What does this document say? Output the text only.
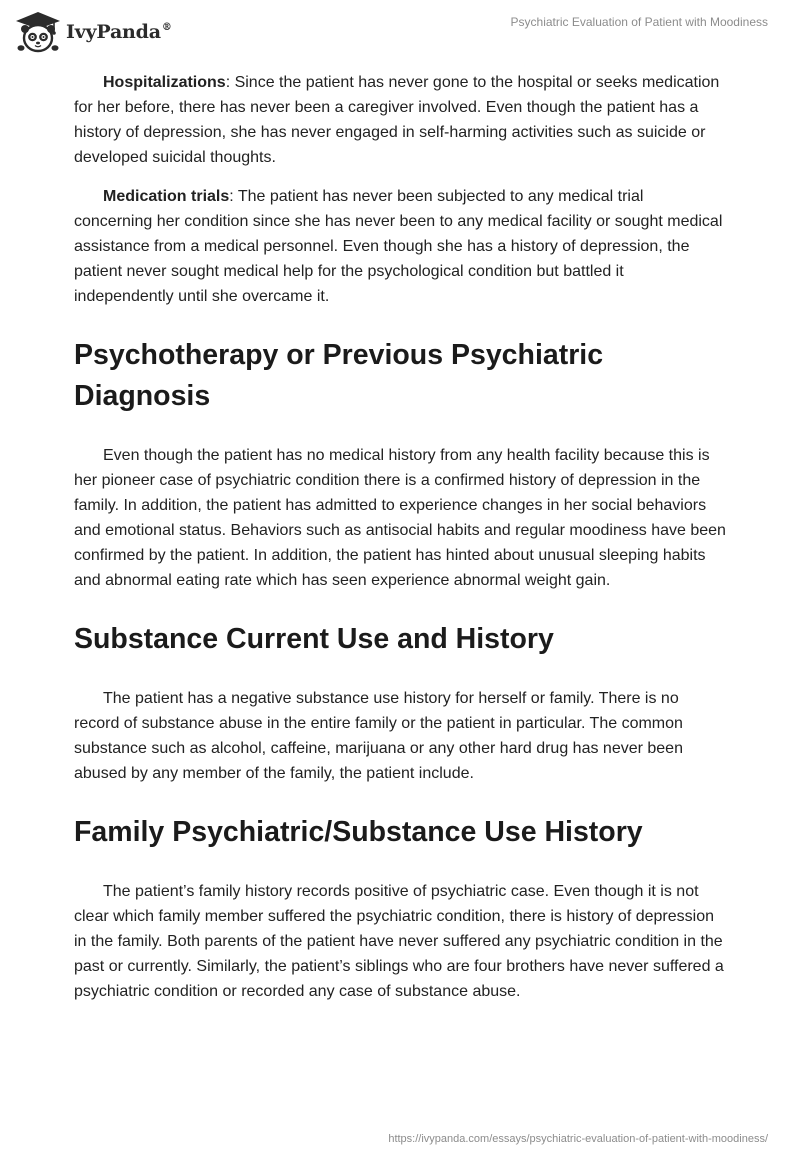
IvyPanda®	Psychiatric Evaluation of Patient with Moodiness

Hospitalizations: Since the patient has never gone to the hospital or seeks medication for her before, there has never been a caregiver involved. Even though the patient has a history of depression, she has never engaged in self-harming activities such as suicide or developed suicidal thoughts.

Medication trials: The patient has never been subjected to any medical trial concerning her condition since she has never been to any medical facility or sought medical assistance from a medical personnel. Even though she has a history of depression, the patient never sought medical help for the psychological condition but battled it independently until she overcame it.

Psychotherapy or Previous Psychiatric Diagnosis

Even though the patient has no medical history from any health facility because this is her pioneer case of psychiatric condition there is a confirmed history of depression in the family. In addition, the patient has admitted to experience changes in her social behaviors and emotional status. Behaviors such as antisocial habits and regular moodiness have been confirmed by the patient. In addition, the patient has hinted about unusual sleeping habits and abnormal eating rate which has seen experience abnormal weight gain.

Substance Current Use and History

The patient has a negative substance use history for herself or family. There is no record of substance abuse in the entire family or the patient in particular. The common substance such as alcohol, caffeine, marijuana or any other hard drug has never been abused by any member of the family, the patient include.

Family Psychiatric/Substance Use History

The patient’s family history records positive of psychiatric case. Even though it is not clear which family member suffered the psychiatric condition, there is history of depression in the family. Both parents of the patient have never suffered any psychiatric condition in the past or currently. Similarly, the patient’s siblings who are four brothers have never suffered a psychiatric condition or recorded any case of substance abuse.

https://ivypanda.com/essays/psychiatric-evaluation-of-patient-with-moodiness/
